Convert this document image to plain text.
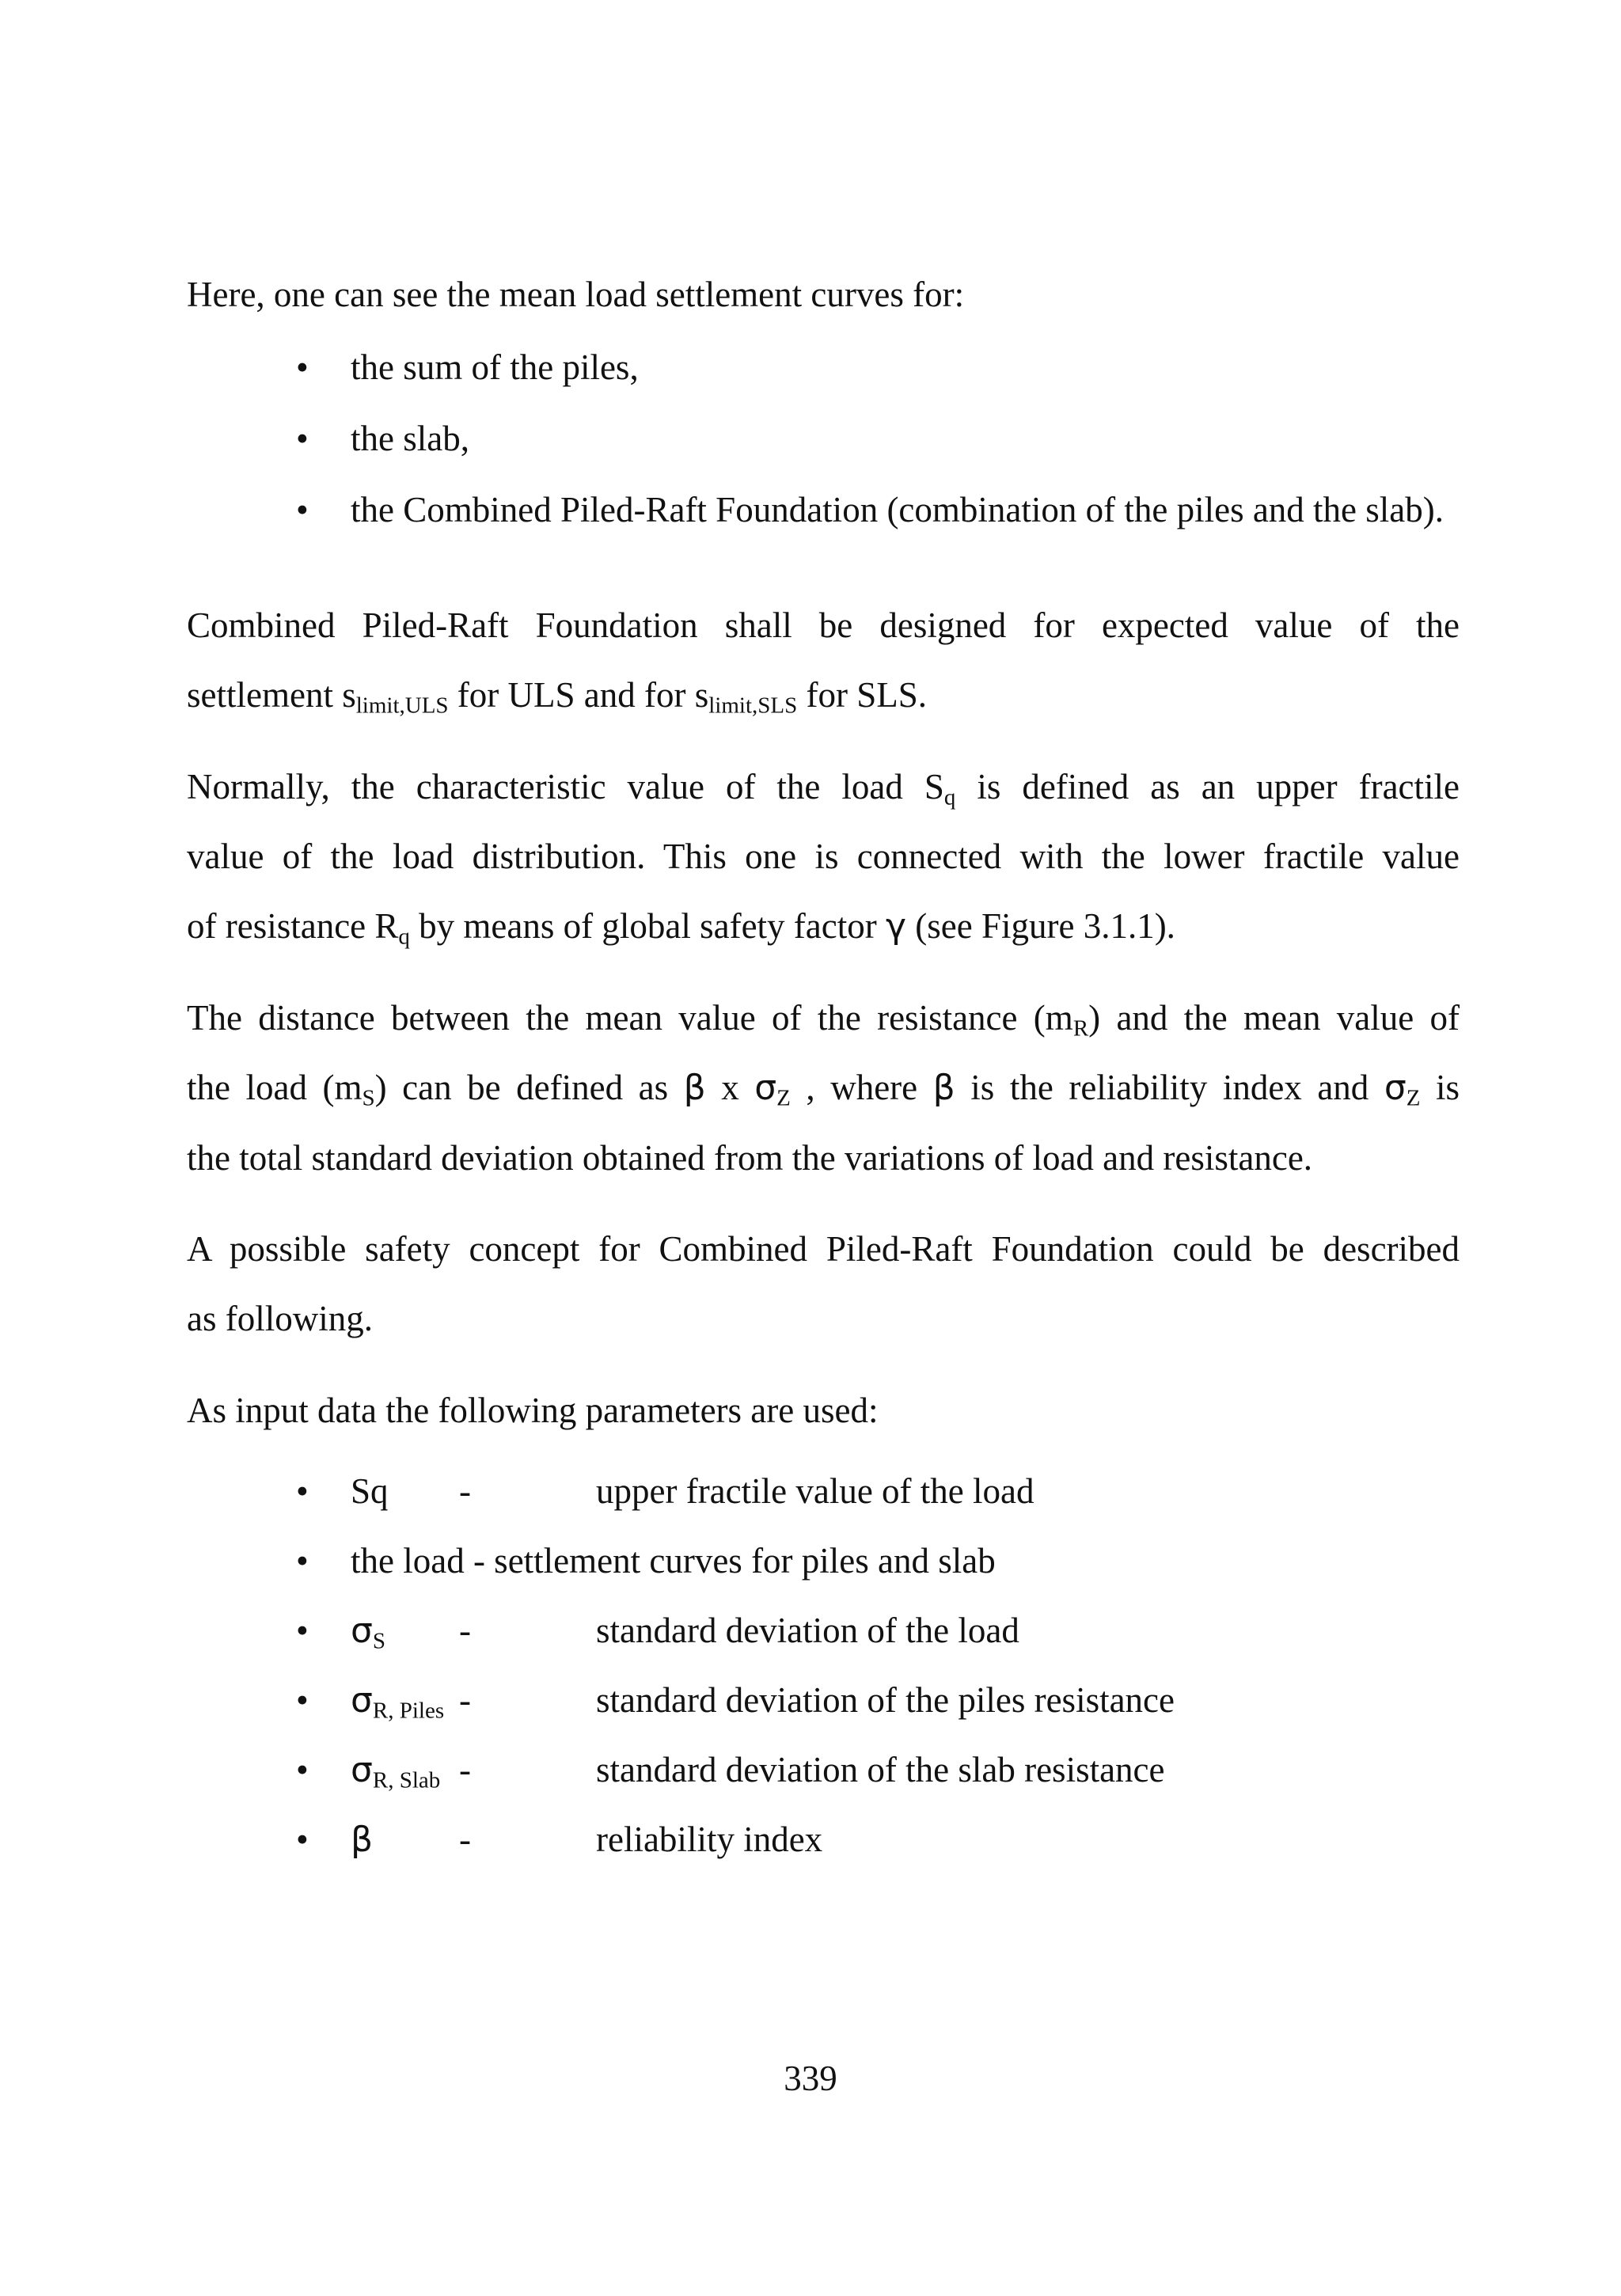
Here, one can see the mean load settlement curves for:

• the sum of the piles,
• the slab,
• the Combined Piled-Raft Foundation (combination of the piles and the slab).
Combined Piled-Raft Foundation shall be designed for expected value of the
settlement $s_{limit,ULS}$ for ULS and for $s_{limit,SLS}$ for SLS.
Normally, the characteristic value of the load $S_q$ is defined as an upper fractile
value of the load distribution. This one is connected with the lower fractile value
of resistance $R_q$ by means of global safety factor γ (see Figure 3.1.1).
The distance between the mean value of the resistance $(m_R)$ and the mean value of
the load $(m_S)$ can be defined as β x $\sigma_Z$ , where β is the reliability index and $\sigma_Z$ is
the total standard deviation obtained from the variations of load and resistance.
A possible safety concept for Combined Piled-Raft Foundation could be described
as following.

As input data the following parameters are used:

• Sq -	upper fractile value of the load
• the load - settlement curves for piles and slab
• $\sigma_S$ -	standard deviation of the load
• $\sigma_{R, Piles}$ -	standard deviation of the piles resistance
• $\sigma_{R, Slab}$ -	standard deviation of the slab resistance
• β -	reliability index
339
